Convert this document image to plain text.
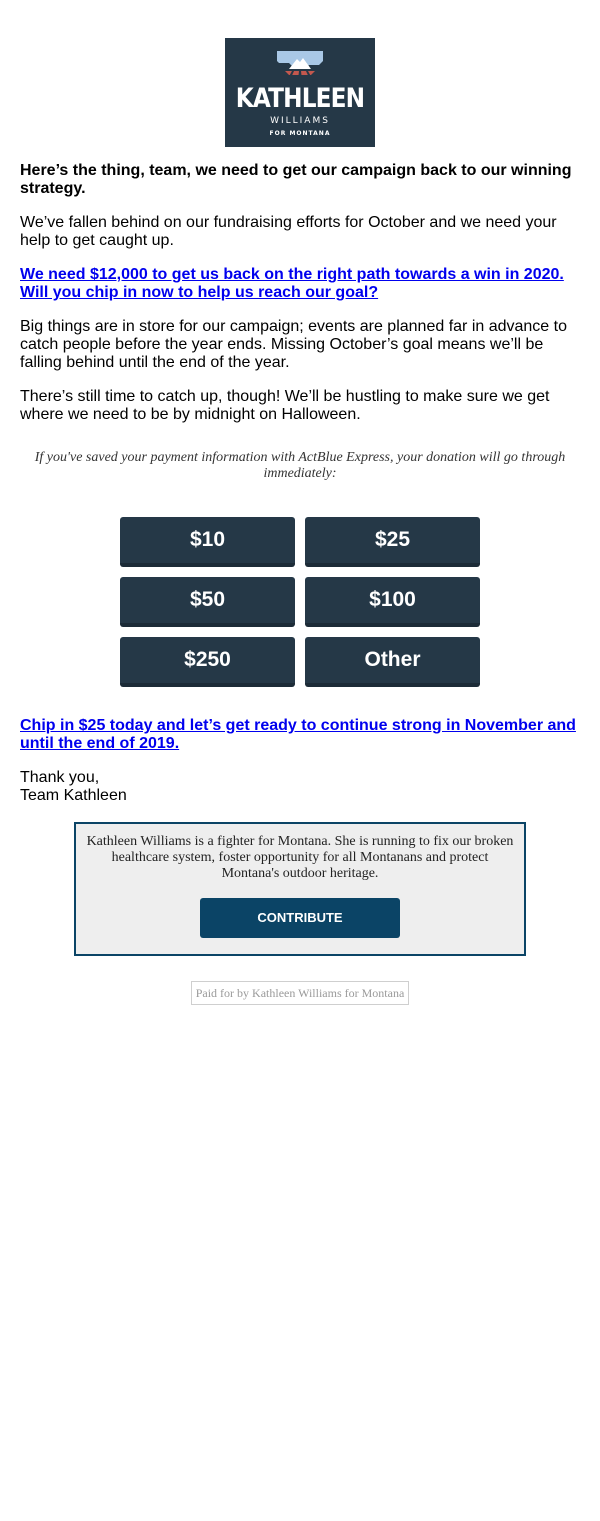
KATHLEEN
WILLIAMS
FOR MONTANA

Here’s the thing, team, we need to get our campaign back to our winning strategy.

We’ve fallen behind on our fundraising efforts for October and we need your help to get caught up.

We need $12,000 to get us back on the right path towards a win in 2020. Will you chip in now to help us reach our goal?

Big things are in store for our campaign; events are planned far in advance to catch people before the year ends. Missing October’s goal means we’ll be falling behind until the end of the year.

There’s still time to catch up, though! We’ll be hustling to make sure we get where we need to be by midnight on Halloween.

If you've saved your payment information with ActBlue Express, your donation will go through immediately:
$10	$25
$50	$100
$250	Other

Chip in $25 today and let’s get ready to continue strong in November and until the end of 2019.

Thank you,

Team Kathleen

Kathleen Williams is a fighter for Montana. She is running to fix our broken healthcare system, foster opportunity for all Montanans and protect Montana's outdoor heritage.
CONTRIBUTE
Paid for by Kathleen Williams for Montana
